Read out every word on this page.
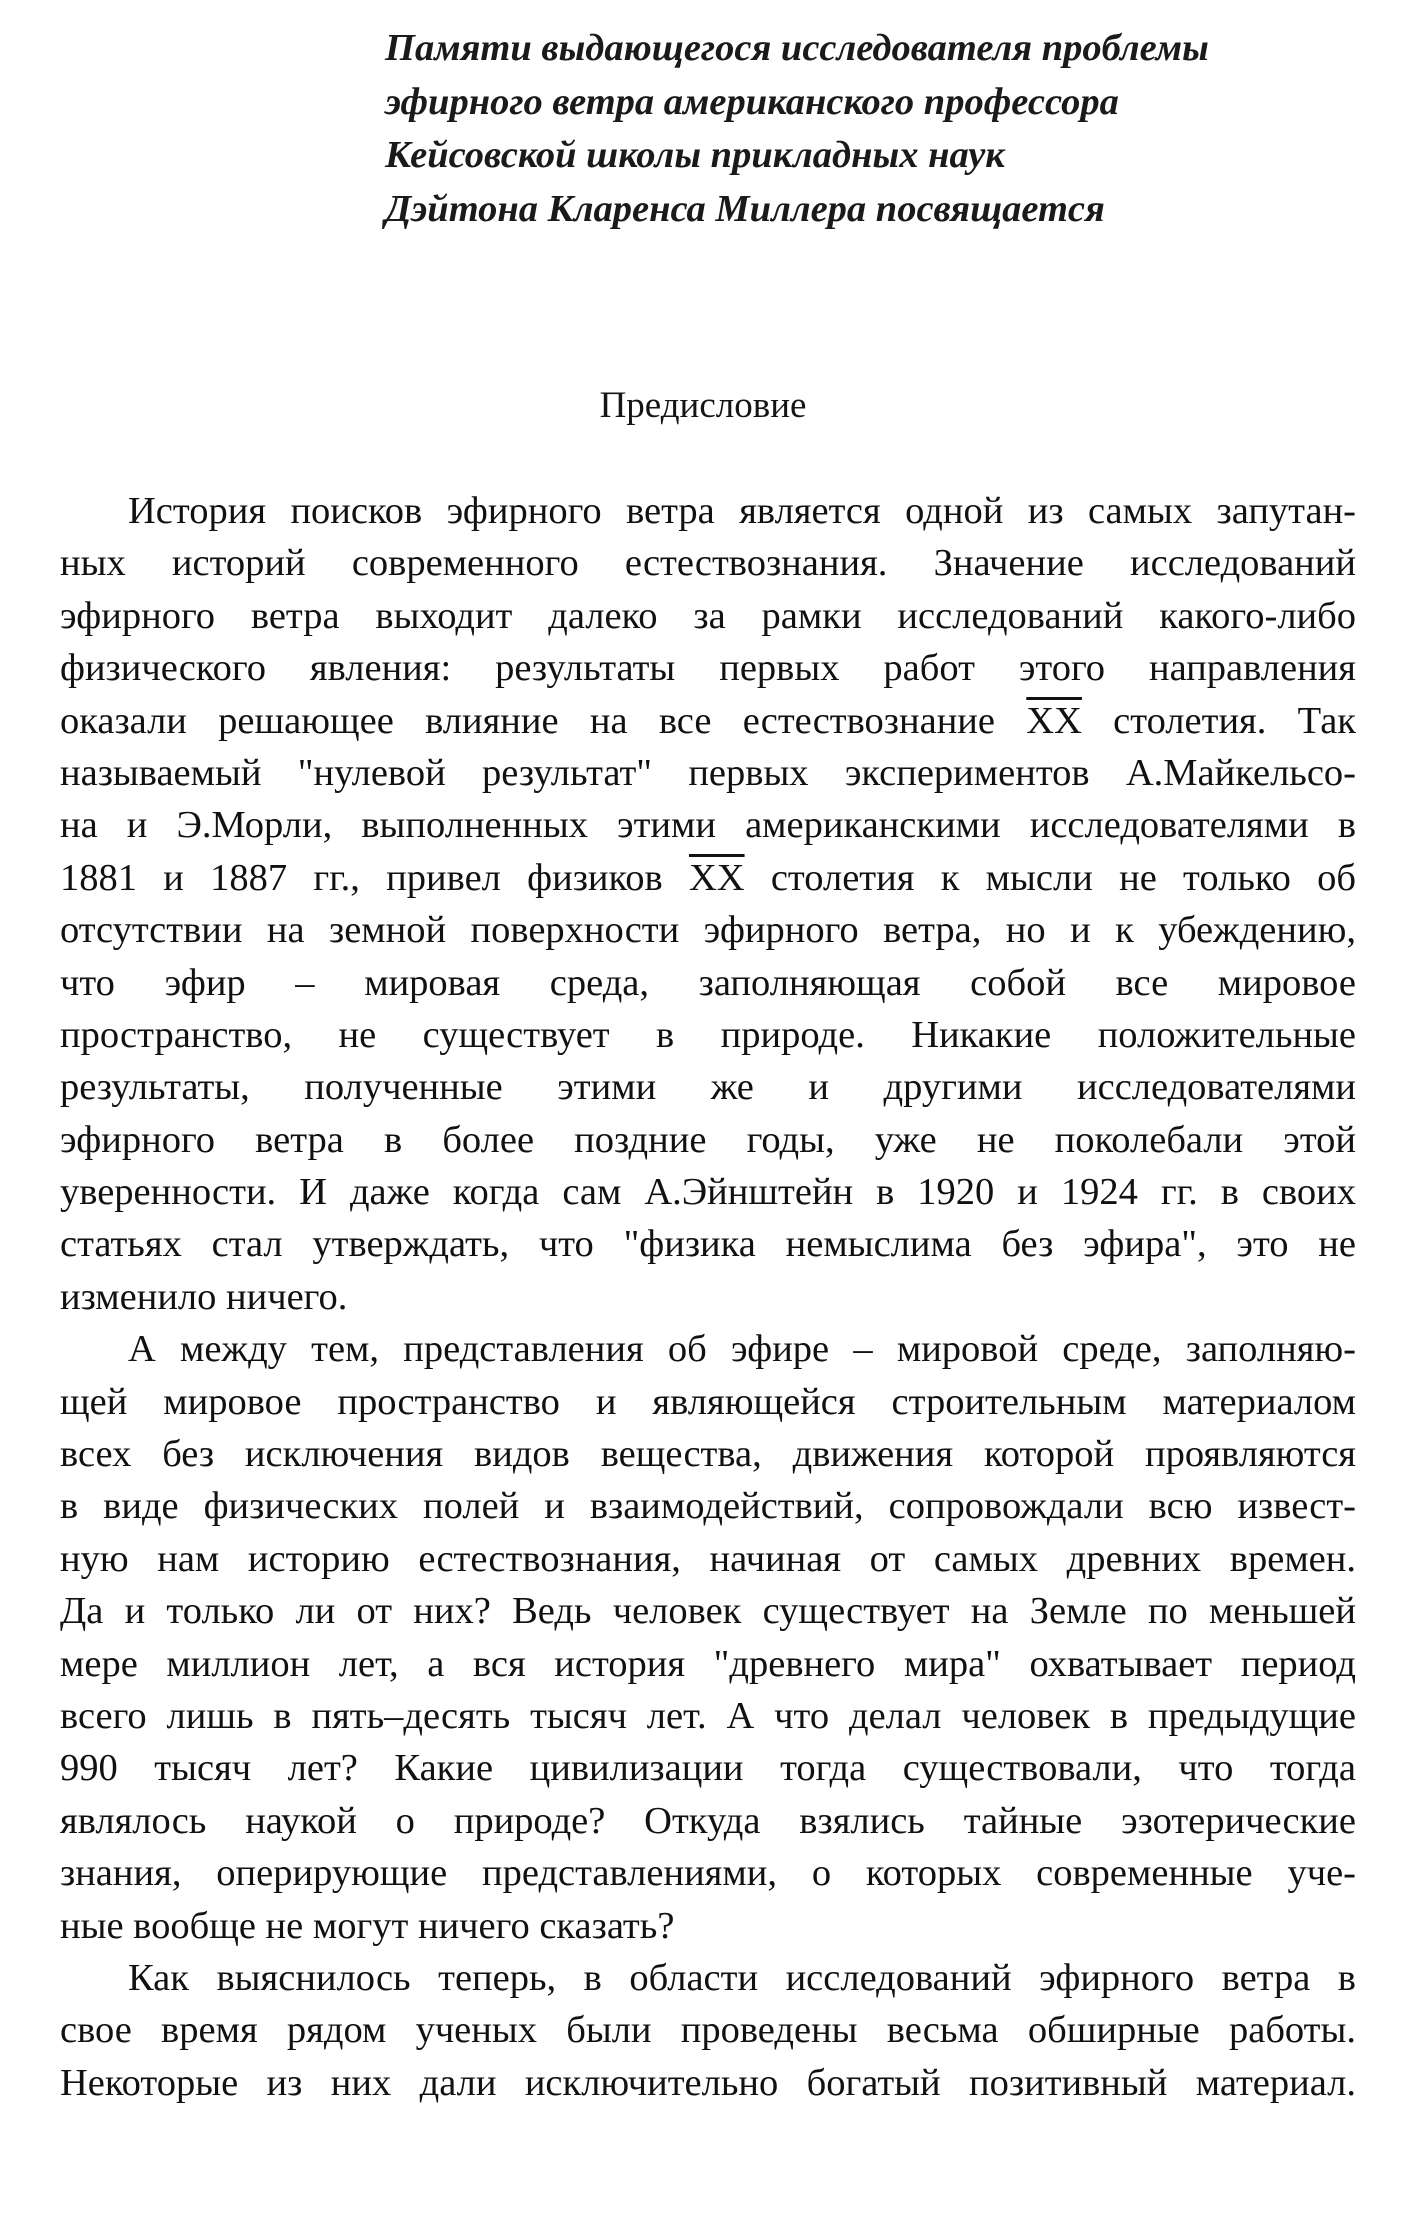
Памяти выдающегося исследователя проблемы
эфирного ветра американского профессора
Кейсовской школы прикладных наук
Дэйтона Кларенса Миллера посвящается
Предисловие
История поисков эфирного ветра является одной из самых запутан-
ных историй современного естествознания. Значение исследований
эфирного ветра выходит далеко за рамки исследований какого-либо
физического явления: результаты первых работ этого направления
оказали решающее влияние на все естествознание $\overline{XX}$ столетия. Так
называемый "нулевой результат" первых экспериментов А.Майкельсо-
на и Э.Морли, выполненных этими американскими исследователями в
1881 и 1887 гг., привел физиков $\overline{XX}$ столетия к мысли не только об
отсутствии на земной поверхности эфирного ветра, но и к убеждению,
что эфир – мировая среда, заполняющая собой все мировое
пространство, не существует в природе. Никакие положительные
результаты, полученные этими же и другими исследователями
эфирного ветра в более поздние годы, уже не поколебали этой
уверенности. И даже когда сам А.Эйнштейн в 1920 и 1924 гг. в своих
статьях стал утверждать, что "физика немыслима без эфира", это не
изменило ничего.
А между тем, представления об эфире – мировой среде, заполняю-
щей мировое пространство и являющейся строительным материалом
всех без исключения видов вещества, движения которой проявляются
в виде физических полей и взаимодействий, сопровождали всю извест-
ную нам историю естествознания, начиная от самых древних времен.
Да и только ли от них? Ведь человек существует на Земле по меньшей
мере миллион лет, а вся история "древнего мира" охватывает период
всего лишь в пять–десять тысяч лет. А что делал человек в предыдущие
990 тысяч лет? Какие цивилизации тогда существовали, что тогда
являлось наукой о природе? Откуда взялись тайные эзотерические
знания, оперирующие представлениями, о которых современные уче-
ные вообще не могут ничего сказать?
Как выяснилось теперь, в области исследований эфирного ветра в
свое время рядом ученых были проведены весьма обширные работы.
Некоторые из них дали исключительно богатый позитивный материал.
